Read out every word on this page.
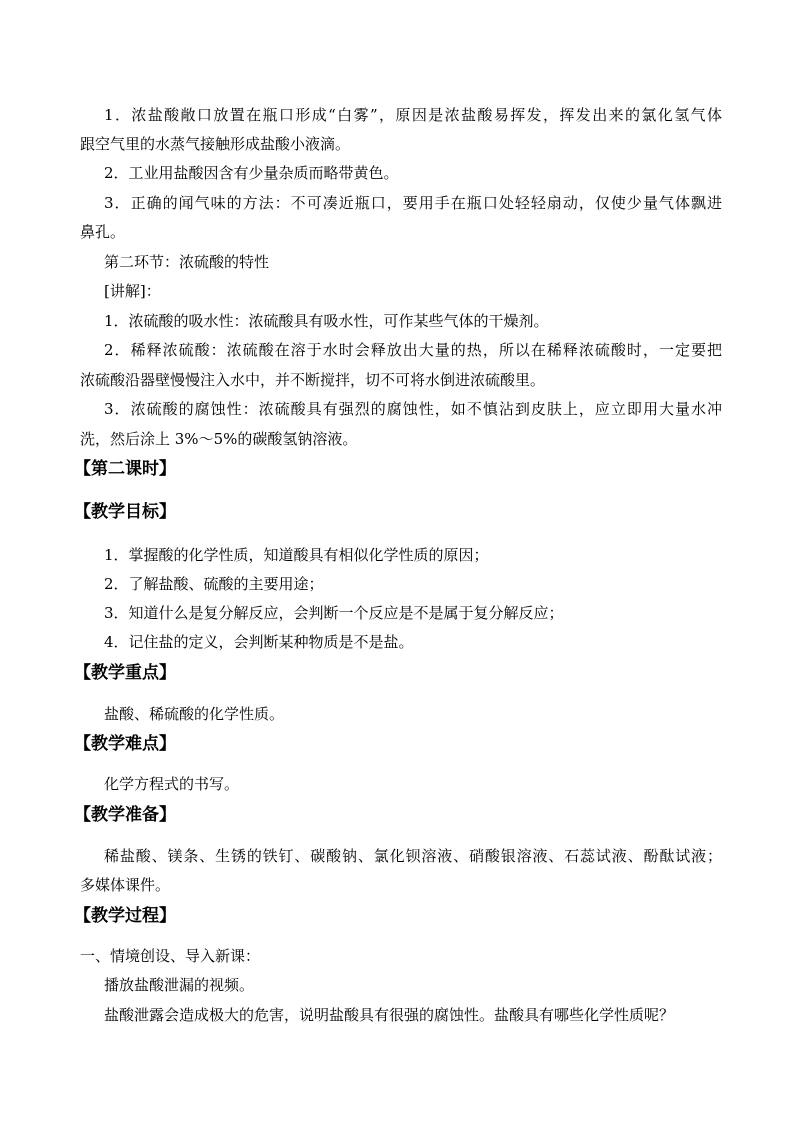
1．浓盐酸敞口放置在瓶口形成“白雾”，原因是浓盐酸易挥发，挥发出来的氯化氢气体
跟空气里的水蒸气接触形成盐酸小液滴。
2．工业用盐酸因含有少量杂质而略带黄色。
3．正确的闻气味的方法：不可凑近瓶口，要用手在瓶口处轻轻扇动，仅使少量气体飘进
鼻孔。
第二环节：浓硫酸的特性
[讲解]：
1．浓硫酸的吸水性：浓硫酸具有吸水性，可作某些气体的干燥剂。
2．稀释浓硫酸：浓硫酸在溶于水时会释放出大量的热，所以在稀释浓硫酸时，一定要把
浓硫酸沿器壁慢慢注入水中，并不断搅拌，切不可将水倒进浓硫酸里。
3．浓硫酸的腐蚀性：浓硫酸具有强烈的腐蚀性，如不慎沾到皮肤上，应立即用大量水冲
洗，然后涂上 3%～5%的碳酸氢钠溶液。
【第二课时】
【教学目标】
1．掌握酸的化学性质，知道酸具有相似化学性质的原因；
2．了解盐酸、硫酸的主要用途；
3．知道什么是复分解反应，会判断一个反应是不是属于复分解反应；
4．记住盐的定义，会判断某种物质是不是盐。
【教学重点】
盐酸、稀硫酸的化学性质。
【教学难点】
化学方程式的书写。
【教学准备】
稀盐酸、镁条、生锈的铁钉、碳酸钠、氯化钡溶液、硝酸银溶液、石蕊试液、酚酞试液；
多媒体课件。
【教学过程】
一、情境创设、导入新课：
播放盐酸泄漏的视频。
盐酸泄露会造成极大的危害，说明盐酸具有很强的腐蚀性。盐酸具有哪些化学性质呢？
